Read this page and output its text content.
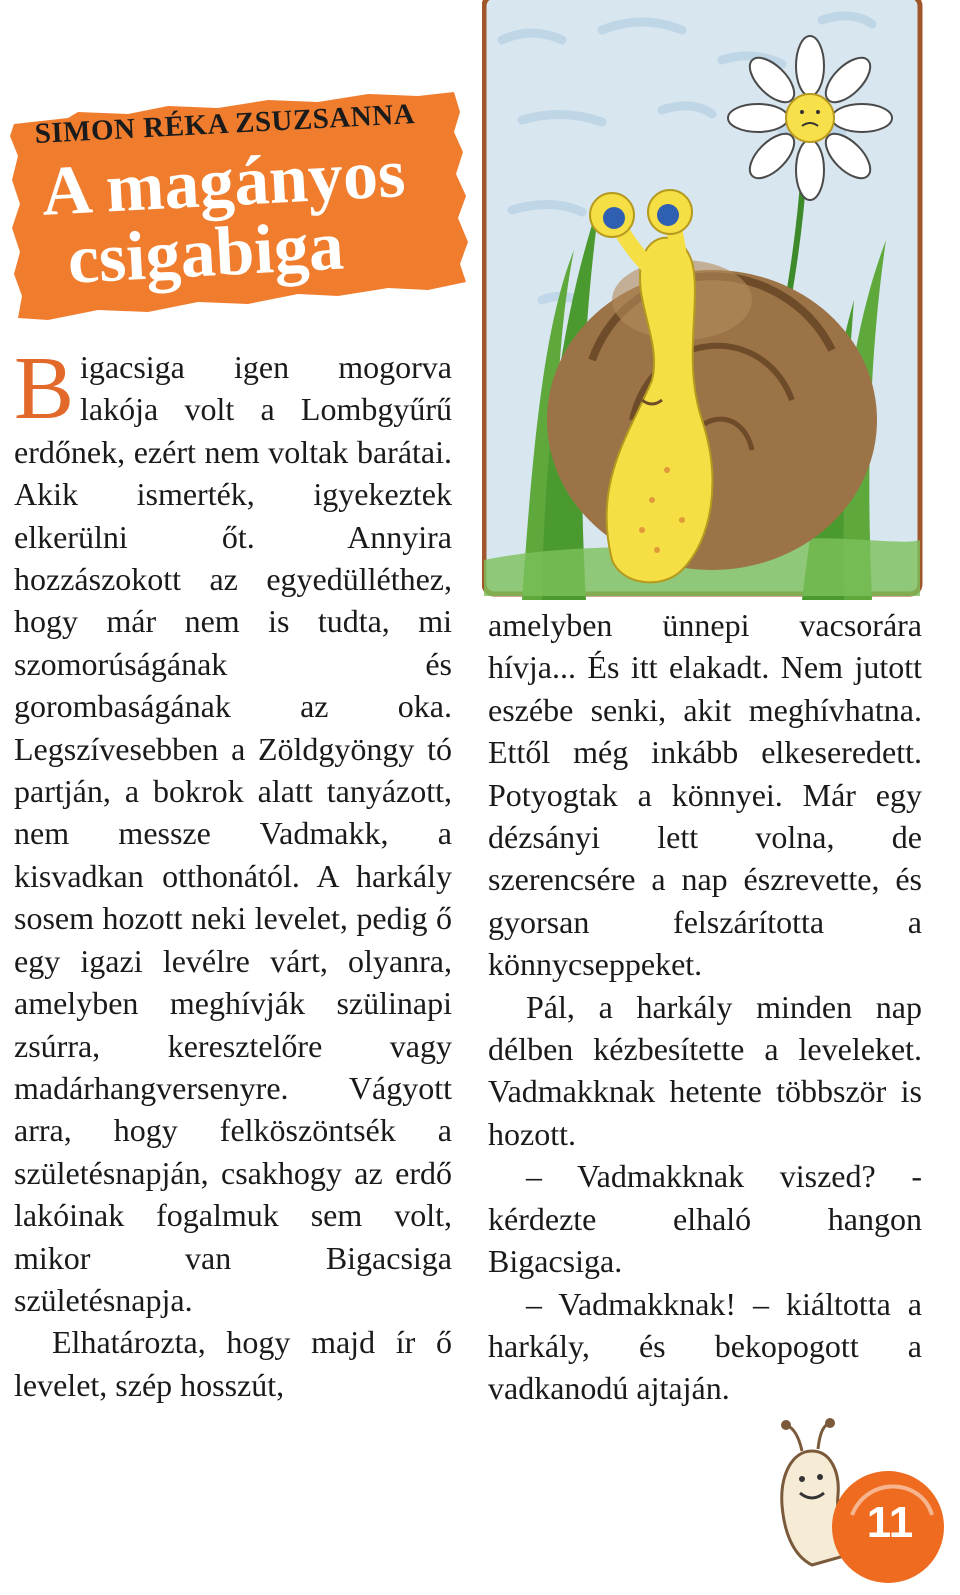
SIMON RÉKA ZSUZSANNA
A magányos
csigabiga
B igacsiga igen mogorva lakója volt a Lombgyűrű erdőnek, ezért nem voltak barátai. Akik ismerték, igyekeztek elkerülni őt. Annyira hozzászokott az egyedülléthez, hogy már nem is tudta, mi szomorúságának és gorombaságának az oka. Legszívesebben a Zöldgyöngy tó partján, a bokrok alatt tanyázott, nem messze Vadmakk, a kisvadkan otthonától. A harkály sosem hozott neki levelet, pedig ő egy igazi levélre várt, olyanra, amelyben meghívják szülinapi zsúrra, keresztelőre vagy madárhangversenyre. Vágyott arra, hogy felköszöntsék a születésnapján, csakhogy az erdő lakóinak fogalmuk sem volt, mikor van Bigacsiga születésnapja.

Elhatározta, hogy majd ír ő levelet, szép hosszút,

amelyben ünnepi vacsorára hívja... És itt elakadt. Nem jutott eszébe senki, akit meghívhatna. Ettől még inkább elkeseredett. Potyogtak a könnyei. Már egy dézsányi lett volna, de szerencsére a nap észrevette, és gyorsan felszárította a könnycseppeket.

Pál, a harkály minden nap délben kézbesítette a leveleket. Vadmakknak hetente többször is hozott.

– Vadmakknak viszed? - kérdezte elhaló hangon Bigacsiga.

– Vadmakknak! – kiáltotta a harkály, és bekopogott a vadkanodú ajtaján.

11
